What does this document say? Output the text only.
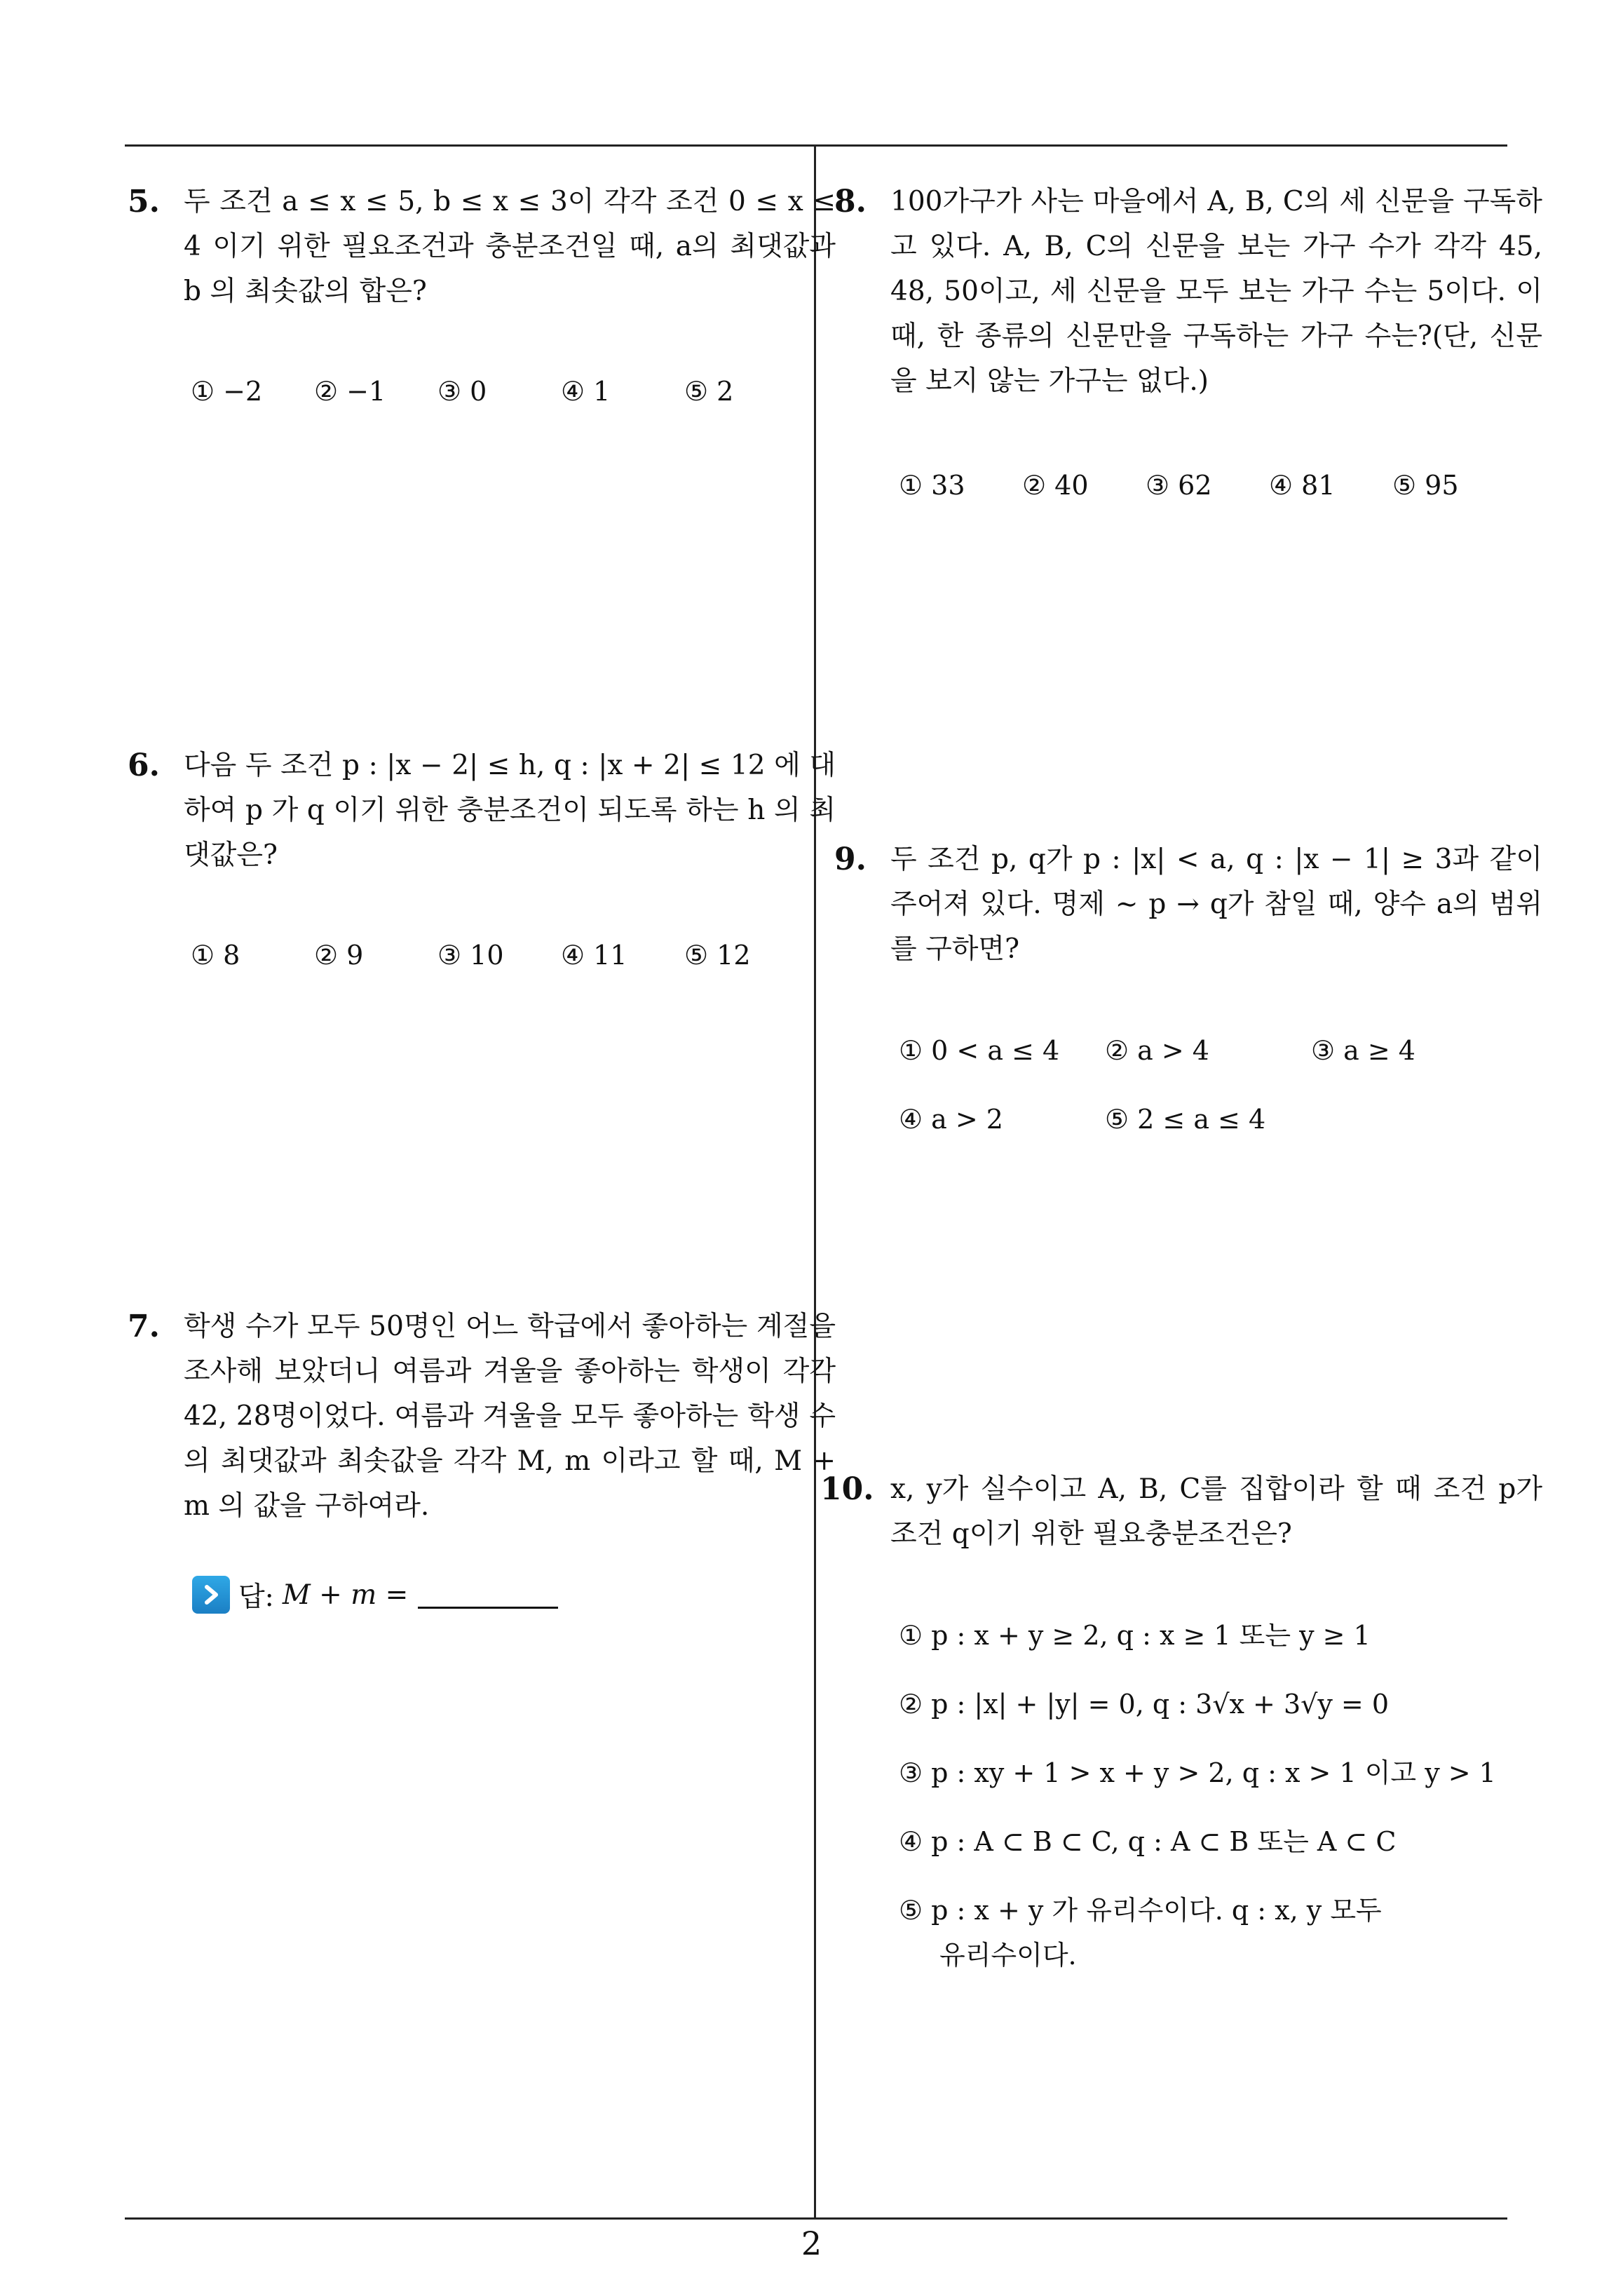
5. 두 조건 a ≤ x ≤ 5, b ≤ x ≤ 3이 각각 조건 0 ≤ x ≤ 4 이기 위한 필요조건과 충분조건일 때, a의 최댓값과 b 의 최솟값의 합은?
① −2 ② −1 ③ 0	④ 1	⑤ 2
6. 다음 두 조건 p : |x − 2| ≤ h, q : |x + 2| ≤ 12 에 대하여 p 가 q 이기 위한 충분조건이 되도록 하는 h 의 최댓값은?
① 8	② 9	③ 10 ④ 11 ⑤ 12
7. 학생 수가 모두 50명인 어느 학급에서 좋아하는 계절을 조사해 보았더니 여름과 겨울을 좋아하는 학생이 각각 42, 28명이었다. 여름과 겨울을 모두 좋아하는 학생 수의 최댓값과 최솟값을 각각 M, m 이라고 할 때, M + m 의 값을 구하여라.
답: M + m =
8. 100가구가 사는 마을에서 A, B, C의 세 신문을 구독하고 있다. A, B, C의 신문을 보는 가구 수가 각각 45, 48, 50이고, 세 신문을 모두 보는 가구 수는 5이다. 이때, 한 종류의 신문만을 구독하는 가구 수는?(단, 신문을 보지 않는 가구는 없다.)
① 33 ② 40 ③ 62 ④ 81 ⑤ 95
9. 두 조건 p, q가 p : |x| < a, q : |x − 1| ≥ 3과 같이 주어져 있다. 명제 ∼ p → q가 참일 때, 양수 a의 범위를 구하면?
① 0 < a ≤ 4 ② a > 4	③ a ≥ 4
④ a > 2	⑤ 2 ≤ a ≤ 4
10. x, y가 실수이고 A, B, C를 집합이라 할 때 조건 p가 조건 q이기 위한 필요충분조건은?
① p : x + y ≥ 2, q : x ≥ 1 또는 y ≥ 1
② p : |x| + |y| = 0, q : 3√x + 3√y = 0
③ p : xy + 1 > x + y > 2, q : x > 1 이고 y > 1
④ p : A ⊂ B ⊂ C, q : A ⊂ B 또는 A ⊂ C
⑤ p : x + y 가 유리수이다. q : x, y 모두
유리수이다.
2
